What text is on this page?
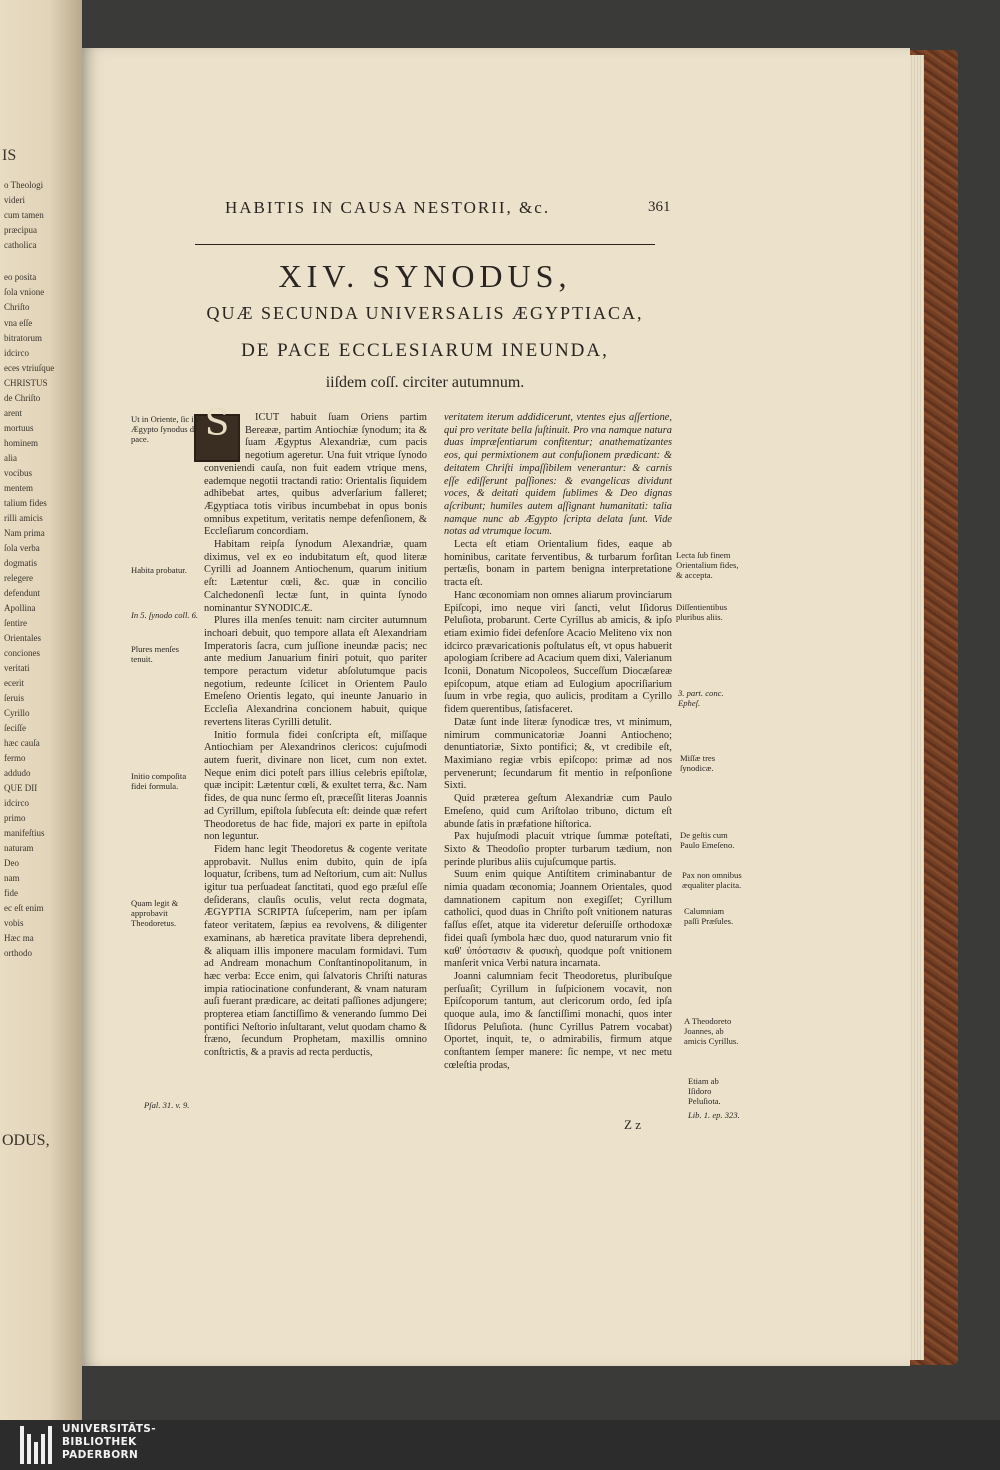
IS
o Theologi
videri
cum tamen
præcipua
catholica
eo posita
ſola vnione
Chriſto
vna eſſe
bitratorum
idcirco
eces vtriuſque
CHRISTUS
de Chriſto
arent
mortuus
hominem
alia
vocibus
mentem
talium fides
rilli amicis
Nam prima
ſola verba
dogmatis
relegere
defendunt
Apollina
ſentire
Orientales
conciones
veritati
ecerit
ſeruis
Cyrillo
ſeciſſe
hæc cauſa
fermo
addudo
QUE DII
idcirco
primo
manifeſtius
naturam
Deo
nam
fide
ec eſt enim
vobis
Hæc ma
orthodo
ODUS,
HABITIS IN CAUSA NESTORII, &c.	361
XIV. SYNODUS,
QUÆ SECUNDA UNIVERSALIS ÆGYPTIACA,
DE PACE ECCLESIARUM INEUNDA,
iiſdem coſſ. circiter autumnum.
S	ICUT habuit ſuam Oriens partim Bereææ, partim Antiochiæ ſynodum; ita & ſuam Ægyptus Alexandriæ, cum pacis negotium ageretur. Una fuit vtrique ſynodo conveniendi cauſa, non fuit eadem vtrique mens, eademque negotii tractandi ratio: Orientalis ſiquidem adhibebat artes, quibus adverſarium falleret; Ægyptiaca totis viribus incumbebat in opus bonis omnibus expetitum, veritatis nempe defenſionem, & Eccleſiarum concordiam.

Habitam reipſa ſynodum Alexandriæ, quam diximus, vel ex eo indubitatum eſt, quod literæ Cyrilli ad Joannem Antiochenum, quarum initium eſt: Lætentur cœli, &c. quæ in concilio Calchedonenſi lectæ ſunt, in quinta ſynodo nominantur SYNODICÆ.

Plures illa menſes tenuit: nam circiter autumnum inchoari debuit, quo tempore allata eſt Alexandriam Imperatoris ſacra, cum juſſione ineundæ pacis; nec ante medium Januarium finiri potuit, quo pariter tempore peractum videtur abſolutumque pacis negotium, redeunte ſcilicet in Orientem Paulo Emeſeno Orientis legato, qui ineunte Januario in Eccleſia Alexandrina concionem habuit, quique revertens literas Cyrilli detulit.

Initio formula fidei conſcripta eſt, miſſaque Antiochiam per Alexandrinos clericos: cujuſmodi autem fuerit, divinare non licet, cum non extet. Neque enim dici poteſt pars illius celebris epiſtolæ, quæ incipit: Lætentur cœli, & exultet terra, &c. Nam fides, de qua nunc ſermo eſt, præceſſit literas Joannis ad Cyrillum, epiſtola ſubſecuta eſt: deinde quæ refert Theodoretus de hac fide, majori ex parte in epiſtola non leguntur.

Fidem hanc legit Theodoretus & cogente veritate approbavit. Nullus enim dubito, quin de ipſa loquatur, ſcribens, tum ad Neſtorium, cum ait: Nullus igitur tua perſuadeat ſanctitati, quod ego præſul eſſe deſiderans, clauſis oculis, velut recta dogmata, ÆGYPTIA SCRIPTA ſuſceperim, nam per ipſam fateor veritatem, ſæpius ea revolvens, & diligenter examinans, ab hæretica pravitate libera deprehendi, & aliquam illis imponere maculam formidavi. Tum ad Andream monachum Conſtantinopolitanum, in hæc verba: Ecce enim, qui ſalvatoris Chriſti naturas impia ratiocinatione confunderant, & vnam naturam auſi fuerant prædicare, ac deitati paſſiones adjungere; propterea etiam ſanctiſſimo & venerando ſummo Dei pontifici Neſtorio inſultarant, velut quodam chamo & fræno, ſecundum Prophetam, maxillis omnino conſtrictis, & a pravis ad recta perductis,

veritatem iterum addidicerunt, vtentes ejus aſſertione, qui pro veritate bella ſuſtinuit. Pro vna namque natura duas impræſentiarum confitentur; anathematizantes eos, qui permixtionem aut confuſionem prædicant: & deitatem Chriſti impaſſibilem venerantur: & carnis eſſe ediſſerunt paſſiones: & evangelicas dividunt voces, & deitati quidem ſublimes & Deo dignas aſcribunt; humiles autem aſſignant humanitati: talia namque nunc ab Ægypto ſcripta delata ſunt. Vide notas ad vtrumque locum.

Lecta eſt etiam Orientalium fides, eaque ab hominibus, caritate ferventibus, & turbarum forſitan pertæſis, bonam in partem benigna interpretatione tracta eſt.

Hanc œconomiam non omnes aliarum provinciarum Epiſcopi, imo neque viri ſancti, velut Iſidorus Peluſiota, probarunt. Certe Cyrillus ab amicis, & ipſo etiam eximio fidei defenſore Acacio Meliteno vix non idcirco prævaricationis poſtulatus eſt, vt opus habuerit apologiam ſcribere ad Acacium quem dixi, Valerianum Iconii, Donatum Nicopoleos, Succeſſum Diocæſareæ epiſcopum, atque etiam ad Eulogium apocriſiarium ſuum in vrbe regia, quo aulicis, proditam a Cyrillo fidem querentibus, ſatisfaceret.

Datæ ſunt inde literæ ſynodicæ tres, vt minimum, nimirum communicatoriæ Joanni Antiocheno; denuntiatoriæ, Sixto pontifici; &, vt credibile eſt, Maximiano regiæ vrbis epiſcopo: primæ ad nos pervenerunt; ſecundarum fit mentio in reſponſione Sixti.

Quid præterea geſtum Alexandriæ cum Paulo Emeſeno, quid cum Ariſtolao tribuno, dictum eſt abunde ſatis in præfatione hiſtorica.

Pax hujuſmodi placuit vtrique ſummæ poteſtati, Sixto & Theodoſio propter turbarum tædium, non perinde pluribus aliis cujuſcumque partis.

Suum enim quique Antiſtitem criminabantur de nimia quadam œconomia; Joannem Orientales, quod damnationem capitum non exegiſſet; Cyrillum catholici, quod duas in Chriſto poſt vnitionem naturas faſſus eſſet, atque ita videretur deſeruiſſe orthodoxæ fidei quaſi ſymbola hæc duo, quod naturarum vnio fit καθ' ὑπόστασιν & φυσικὴ, quodque poſt vnitionem manſerit vnica Verbi natura incarnata.

Joanni calumniam fecit Theodoretus, pluribuſque perſuaſit; Cyrillum in ſuſpicionem vocavit, non Epiſcoporum tantum, aut clericorum ordo, ſed ipſa quoque aula, imo & ſanctiſſimi monachi, quos inter Iſidorus Peluſiota. (hunc Cyrillus Patrem vocabat) Oportet, inquit, te, o admirabilis, firmum atque conſtantem ſemper manere: ſic nempe, vt nec metu cœleſtia prodas,

Ut in Oriente, ſic in Ægypto ſynodus de pace.
Habita probatur.
In 5. ſynodo coll. 6.
Plures menſes tenuit.
Initio compoſita fidei formula.
Quam legit & approbavit Theodoretus.
Pſal. 31. v. 9.
Lecta ſub finem Orientalium fides, & accepta.
Diſſentientibus pluribus aliis.
3. part. conc. Epheſ.
Miſſæ tres ſynodicæ.
De geſtis cum Paulo Emeſeno.
Pax non omnibus æqualiter placita.
Calumniam paſſi Præſules.
A Theodoreto Joannes, ab amicis Cyrillus.
Etiam ab Iſidoro Peluſiota.
Lib. 1. ep. 323.
Z z
UNIVERSITÄTS-
BIBLIOTHEK
PADERBORN
